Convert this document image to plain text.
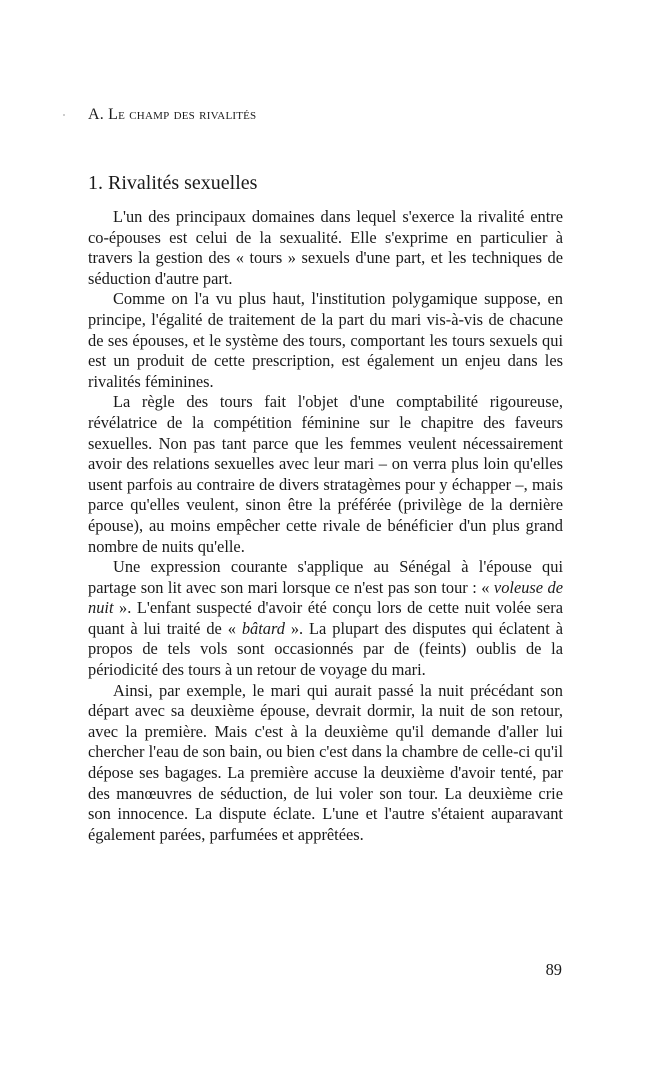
A. Le champ des rivalités
1. Rivalités sexuelles

L'un des principaux domaines dans lequel s'exerce la rivalité entre co-épouses est celui de la sexualité. Elle s'exprime en particulier à travers la gestion des « tours » sexuels d'une part, et les techniques de séduction d'autre part.

Comme on l'a vu plus haut, l'institution polygamique suppose, en principe, l'égalité de traitement de la part du mari vis-à-vis de chacune de ses épouses, et le système des tours, comportant les tours sexuels qui est un produit de cette prescription, est également un enjeu dans les rivalités féminines.

La règle des tours fait l'objet d'une comptabilité rigoureuse, révélatrice de la compétition féminine sur le chapitre des faveurs sexuelles. Non pas tant parce que les femmes veulent nécessairement avoir des relations sexuelles avec leur mari – on verra plus loin qu'elles usent parfois au contraire de divers stratagèmes pour y échapper –, mais parce qu'elles veulent, sinon être la préférée (privilège de la dernière épouse), au moins empêcher cette rivale de bénéficier d'un plus grand nombre de nuits qu'elle.

Une expression courante s'applique au Sénégal à l'épouse qui partage son lit avec son mari lorsque ce n'est pas son tour : « voleuse de nuit ». L'enfant suspecté d'avoir été conçu lors de cette nuit volée sera quant à lui traité de « bâtard ». La plupart des disputes qui éclatent à propos de tels vols sont occasionnés par de (feints) oublis de la périodicité des tours à un retour de voyage du mari.

Ainsi, par exemple, le mari qui aurait passé la nuit précédant son départ avec sa deuxième épouse, devrait dormir, la nuit de son retour, avec la première. Mais c'est à la deuxième qu'il demande d'aller lui chercher l'eau de son bain, ou bien c'est dans la chambre de celle-ci qu'il dépose ses bagages. La première accuse la deuxième d'avoir tenté, par des manœuvres de séduction, de lui voler son tour. La deuxième crie son innocence. La dispute éclate. L'une et l'autre s'étaient auparavant également parées, parfumées et apprêtées.

89
